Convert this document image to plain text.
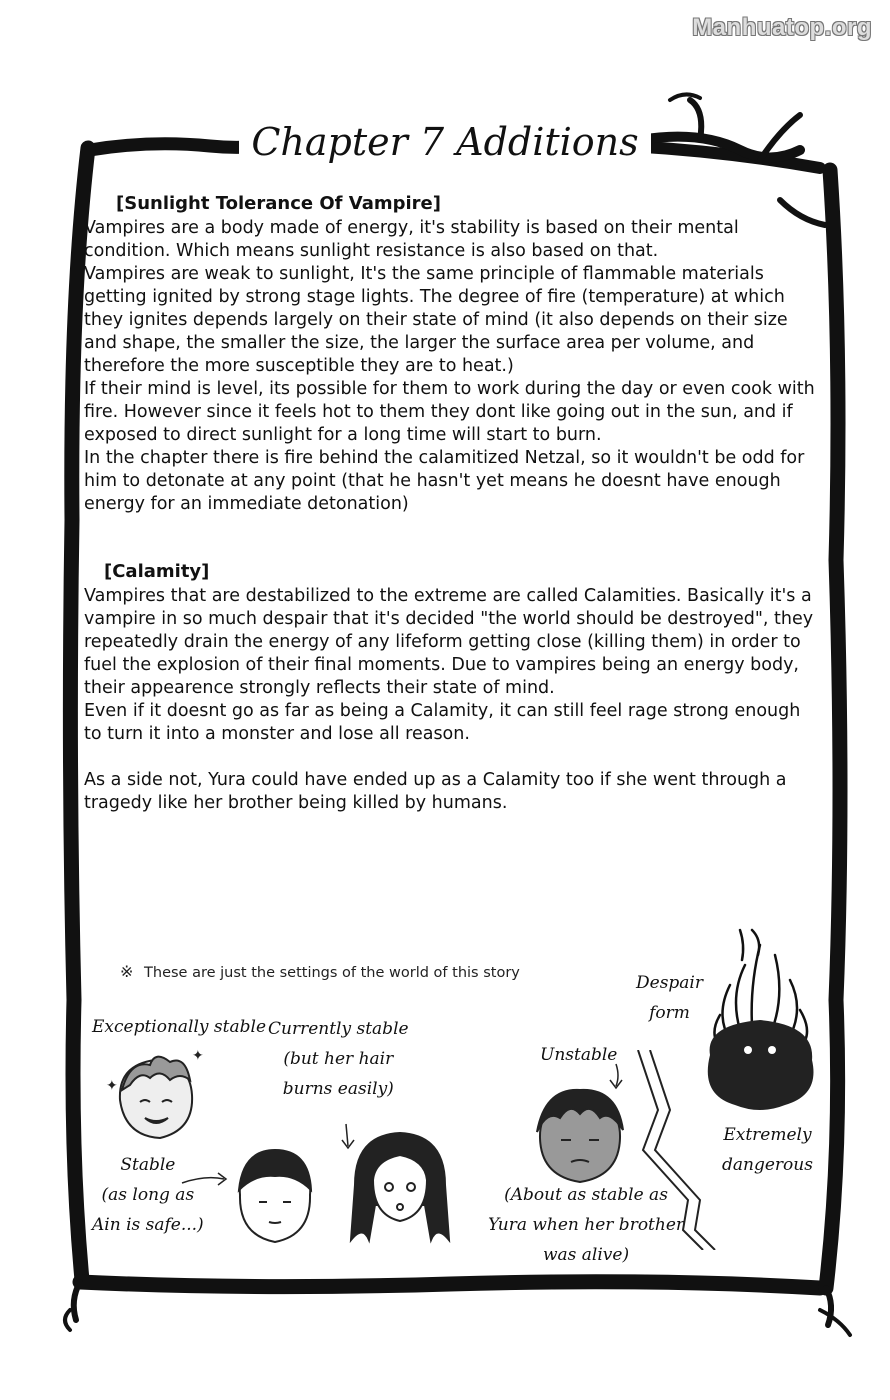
Manhuatop.org
Chapter 7 Additions
[Sunlight Tolerance Of Vampire]
Vampires are a body made of energy, it's stability is based on their mental condition. Which means sunlight resistance is also based on that.
Vampires are weak to sunlight, It's the same principle of flammable materials getting ignited by strong stage lights. The degree of fire (temperature) at which they ignites depends largely on their state of mind (it also depends on their size and shape, the smaller the size, the larger the surface area per volume, and therefore the more susceptible they are to heat.)
If their mind is level, its possible for them to work during the day or even cook with fire. However since it feels hot to them they dont like going out in the sun, and if exposed to direct sunlight for a long time will start to burn.
In the chapter there is fire behind the calamitized Netzal, so it wouldn't be odd for him to detonate at any point (that he hasn't yet means he doesnt have enough energy for an immediate detonation)
[Calamity]
Vampires that are destabilized to the extreme are called Calamities. Basically it's a vampire in so much despair that it's decided "the world should be destroyed", they repeatedly drain the energy of any lifeform getting close (killing them) in order to fuel the explosion of their final moments. Due to vampires being an energy body, their appearence strongly reflects their state of mind.
Even if it doesnt go as far as being a Calamity, it can still feel rage strong enough to turn it into a monster and lose all reason.

As a side not, Yura could have ended up as a Calamity too if she went through a tragedy like her brother being killed by humans.
※ These are just the settings of the world of this story
Exceptionally stable Currently stable
(but her hair
burns easily)
Stable
(as long as
Ain is safe...)
Unstable
(About as stable as
Yura when her brother
was alive)
Despair
form
Extremely
dangerous
✦
✦
